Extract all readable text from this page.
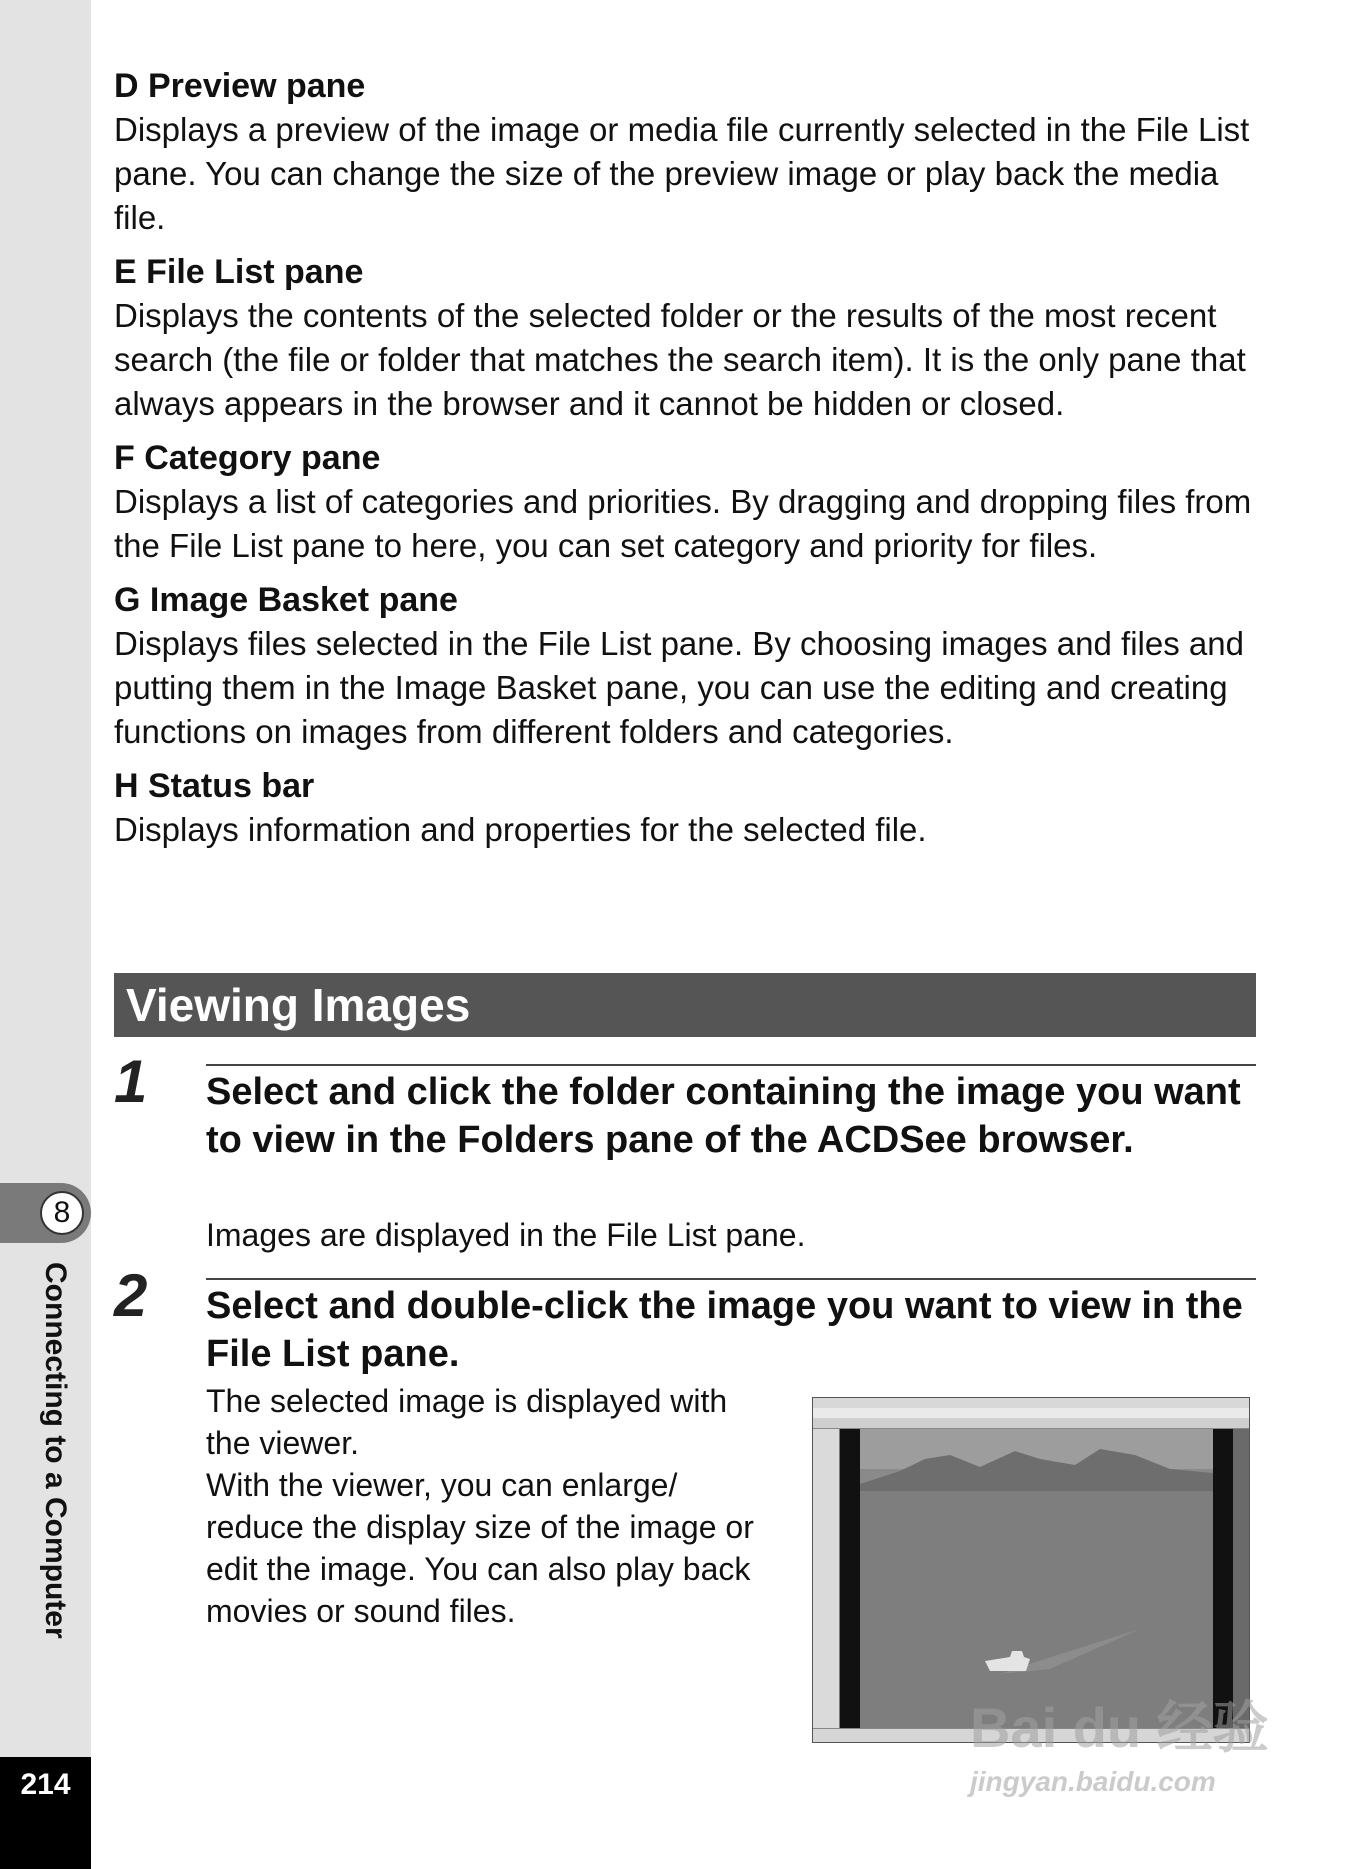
8
Connecting to a Computer
214
D Preview pane
Displays a preview of the image or media file currently selected in the File List pane. You can change the size of the preview image or play back the media file.
E File List pane
Displays the contents of the selected folder or the results of the most recent search (the file or folder that matches the search item). It is the only pane that always appears in the browser and it cannot be hidden or closed.
F Category pane
Displays a list of categories and priorities. By dragging and dropping files from the File List pane to here, you can set category and priority for files.
G Image Basket pane
Displays files selected in the File List pane. By choosing images and files and putting them in the Image Basket pane, you can use the editing and creating functions on images from different folders and categories.
H Status bar
Displays information and properties for the selected file.
Viewing Images
1 Select and click the folder containing the image you want to view in the Folders pane of the ACDSee browser.
Images are displayed in the File List pane.
2 Select and double-click the image you want to view in the File List pane.
The selected image is displayed with
the viewer.
With the viewer, you can enlarge/
reduce the display size of the image or
edit the image. You can also play back
movies or sound files.
Bai du 经验
jingyan.baidu.com
